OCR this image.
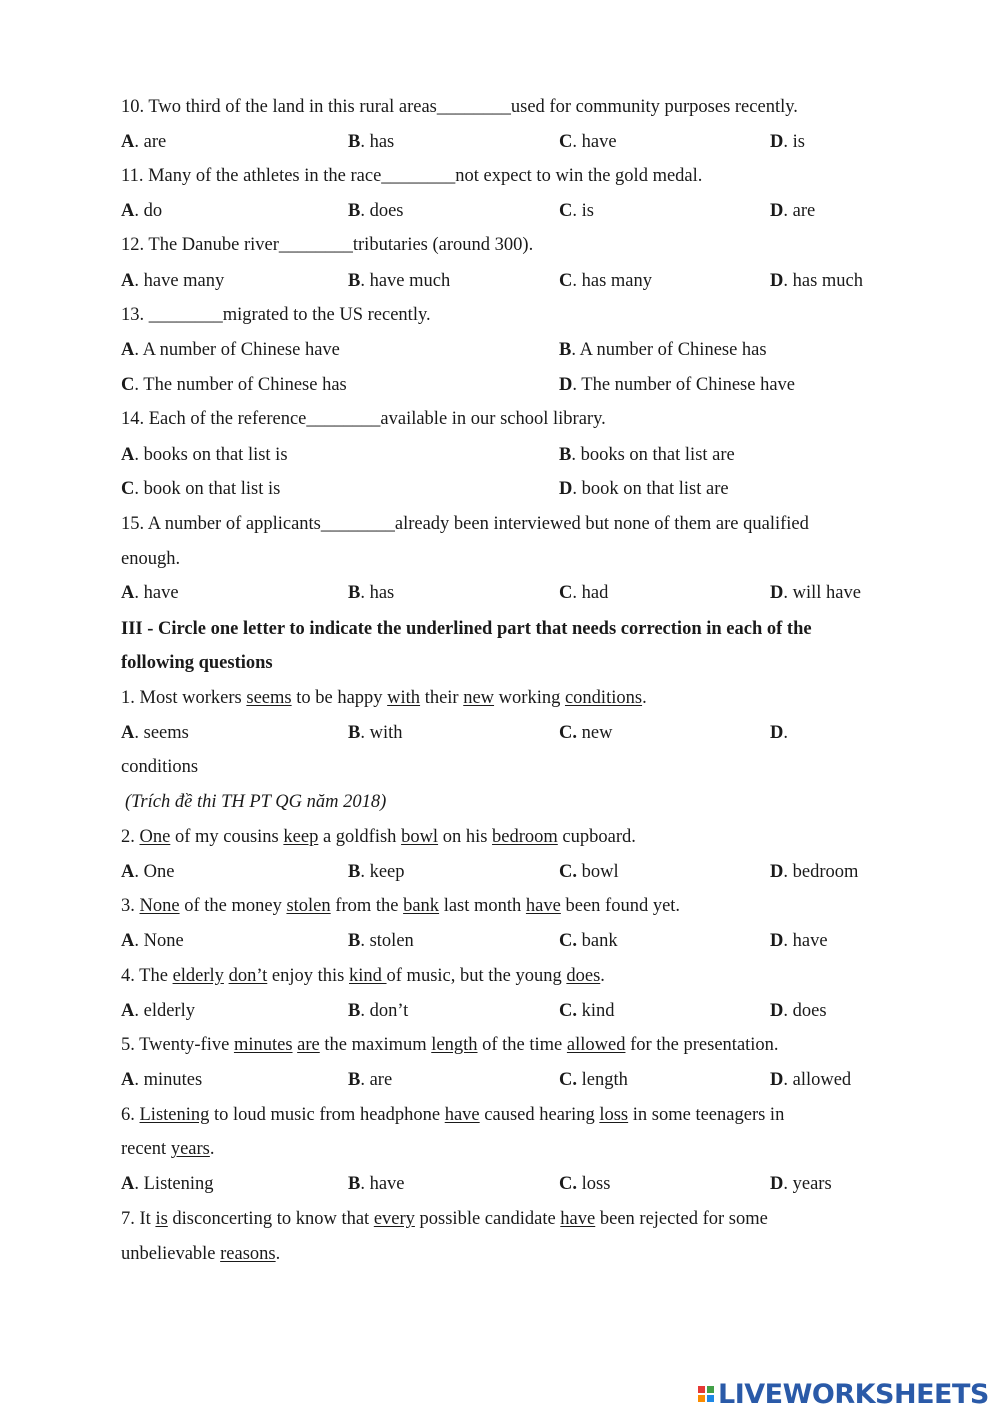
10. Two third of the land in this rural areas________used for community purposes recently.
A. are	B. has	C. have	D. is
11. Many of the athletes in the race________not expect to win the gold medal.
A. do	B. does	C. is	D. are
12. The Danube river________tributaries (around 300).
A. have many	B. have much	C. has many	D. has much
13. ________migrated to the US recently.
A. A number of Chinese have	B. A number of Chinese has
C. The number of Chinese has	D. The number of Chinese have
14. Each of the reference________available in our school library.
A. books on that list is	B. books on that list are
C. book on that list is	D. book on that list are
15. A number of applicants________already been interviewed but none of them are qualified
enough.
A. have	B. has	C. had	D. will have
III - Circle one letter to indicate the underlined part that needs correction in each of the
following questions
1. Most workers seems to be happy with their new working conditions.
A. seems	B. with	C. new	D.
conditions
(Trích đề thi TH PT QG năm 2018)
2. One of my cousins keep a goldfish bowl on his bedroom cupboard.
A. One	B. keep	C. bowl	D. bedroom
3. None of the money stolen from the bank last month have been found yet.
A. None	B. stolen	C. bank	D. have
4. The elderly don’t enjoy this kind of music, but the young does.
A. elderly	B. don’t	C. kind	D. does
5. Twenty-five minutes are the maximum length of the time allowed for the presentation.
A. minutes	B. are	C. length	D. allowed
6. Listening to loud music from headphone have caused hearing loss in some teenagers in
recent years.
A. Listening	B. have	C. loss	D. years
7. It is disconcerting to know that every possible candidate have been rejected for some
unbelievable reasons.
LIVEWORKSHEETS
